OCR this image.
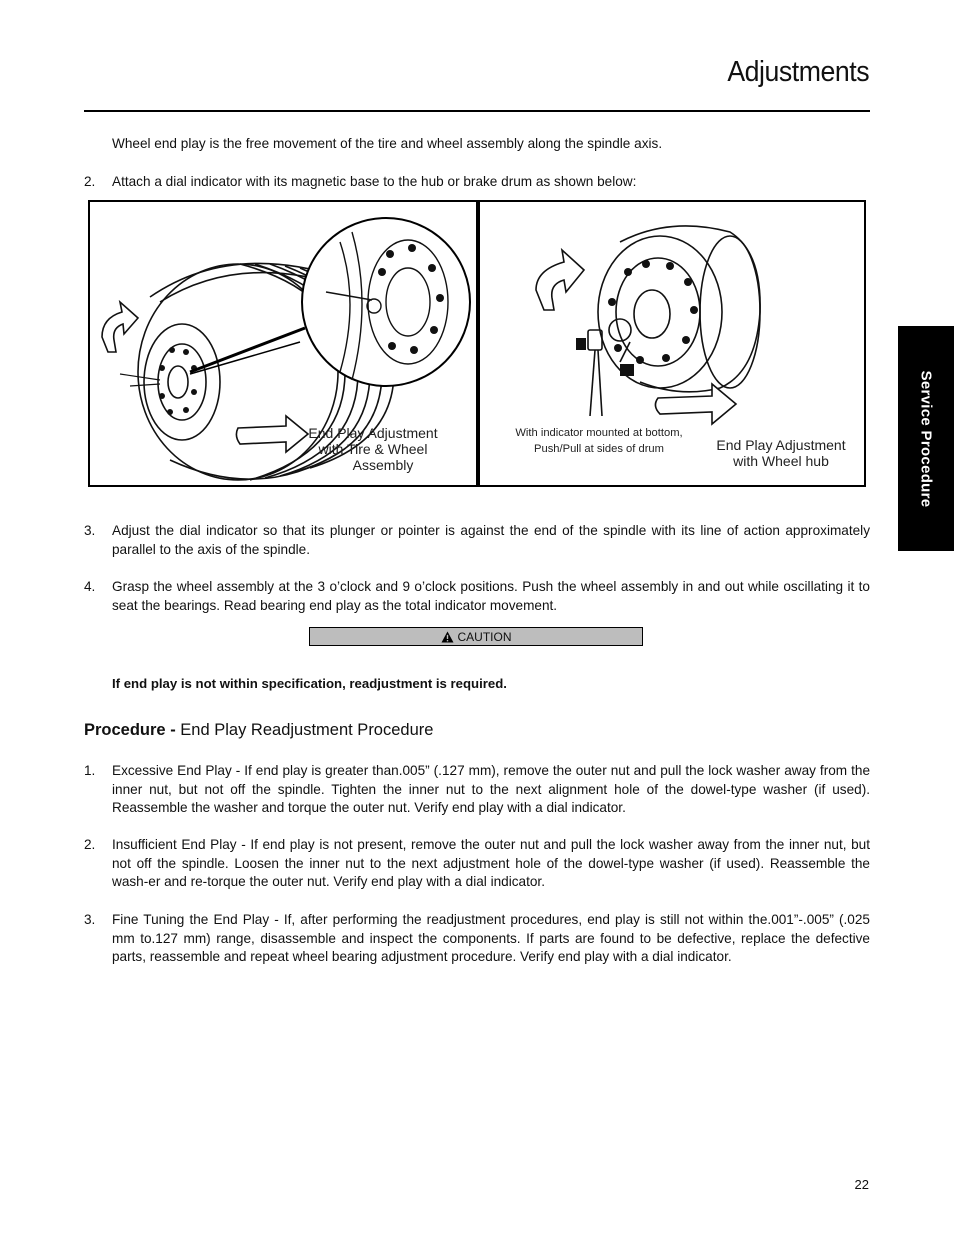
Adjustments
Service Procedure
Wheel end play is the free movement of the tire and wheel assembly along the spindle axis.
2. Attach a dial indicator with its magnetic base to the hub or brake drum as shown below:
End Play Adjustment
with Tire & Wheel
Assembly
With indicator mounted at bottom,
Push/Pull at sides of drum	End Play Adjustment
with Wheel hub
3. Adjust the dial indicator so that its plunger or pointer is against the end of the spindle with its line of action approximately parallel to the axis of the spindle.
4. Grasp the wheel assembly at the 3 o’clock and 9 o’clock positions. Push the wheel assembly in and out while oscillating it to seat the bearings. Read bearing end play as the total indicator movement.
CAUTION
If end play is not within specification, readjustment is required.
Procedure - End Play Readjustment Procedure
1. Excessive End Play - If end play is greater than.005” (.127 mm), remove the outer nut and pull the lock washer away from the inner nut, but not off the spindle. Tighten the inner nut to the next alignment hole of the dowel-type washer (if used). Reassemble the washer and torque the outer nut. Verify end play with a dial indicator.
2. Insufficient End Play - If end play is not present, remove the outer nut and pull the lock washer away from the inner nut, but not off the spindle. Loosen the inner nut to the next adjustment hole of the dowel-type washer (if used). Reassemble the wash-er and re-torque the outer nut. Verify end play with a dial indicator.
3. Fine Tuning the End Play - If, after performing the readjustment procedures, end play is still not within the.001”-.005” (.025 mm to.127 mm) range, disassemble and inspect the components. If parts are found to be defective, replace the defective parts, reassemble and repeat wheel bearing adjustment procedure. Verify end play with a dial indicator.
22
